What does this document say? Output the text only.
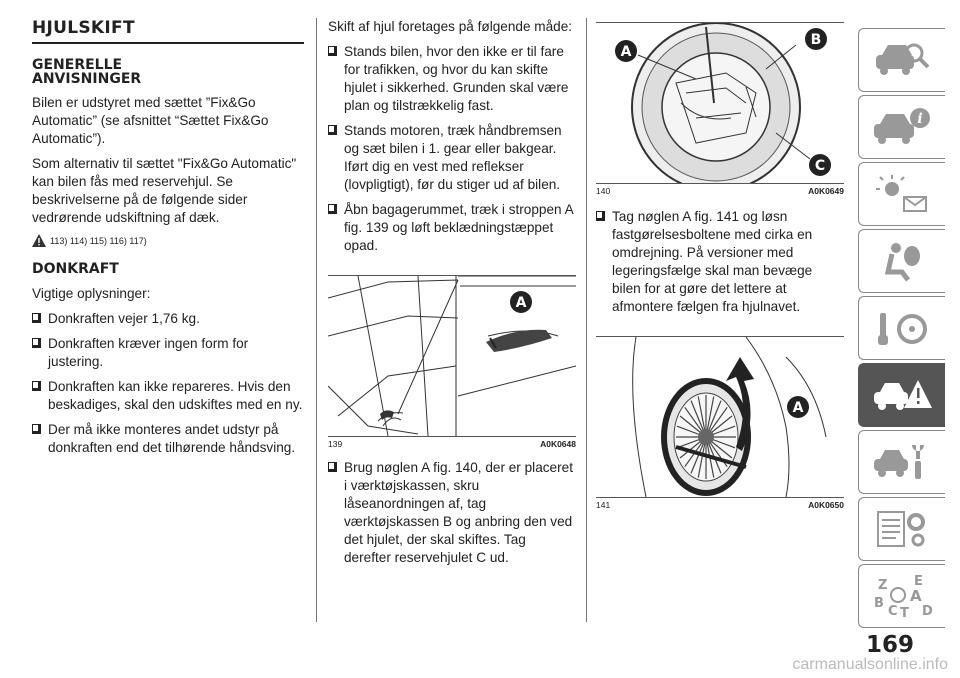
HJULSKIFT
GENERELLE ANVISNINGER

Bilen er udstyret med sættet ”Fix&Go Automatic” (se afsnittet “Sættet Fix&Go Automatic”).

Som alternativ til sættet "Fix&Go Automatic" kan bilen fås med reservehjul. Se beskrivelserne på de følgende sider vedrørende udskiftning af dæk.

113) 114) 115) 116) 117)
DONKRAFT

Vigtige oplysninger:

Donkraften vejer 1,76 kg.
Donkraften kræver ingen form for justering.
Donkraften kan ikke repareres. Hvis den beskadiges, skal den udskiftes med en ny.
Der må ikke monteres andet udstyr på donkraften end det tilhørende håndsving.

Skift af hjul foretages på følgende måde:

Stands bilen, hvor den ikke er til fare for trafikken, og hvor du kan skifte hjulet i sikkerhed. Grunden skal være plan og tilstrækkelig fast.
Stands motoren, træk håndbremsen og sæt bilen i 1. gear eller bakgear. Iført dig en vest med reflekser (lovpligtigt), før du stiger ud af bilen.
Åbn bagagerummet, træk i stroppen A fig. 139 og løft beklædningstæppet opad.
A
139	A0K0648
Brug nøglen A fig. 140, der er placeret i værktøjskassen, skru låseanordningen af, tag værktøjskassen B og anbring den ved det hjulet, der skal skiftes. Tag derefter reservehjulet C ud.
A
B
C
140	A0K0649
Tag nøglen A fig. 141 og løsn fastgørelsesboltene med cirka en omdrejning. På versioner med legeringsfælge skal man bevæge bilen for at gøre det lettere at afmontere fælgen fra hjulnavet.
A
141	A0K0650
i
Z E
A
B
C T D
169
carmanualsonline.info
